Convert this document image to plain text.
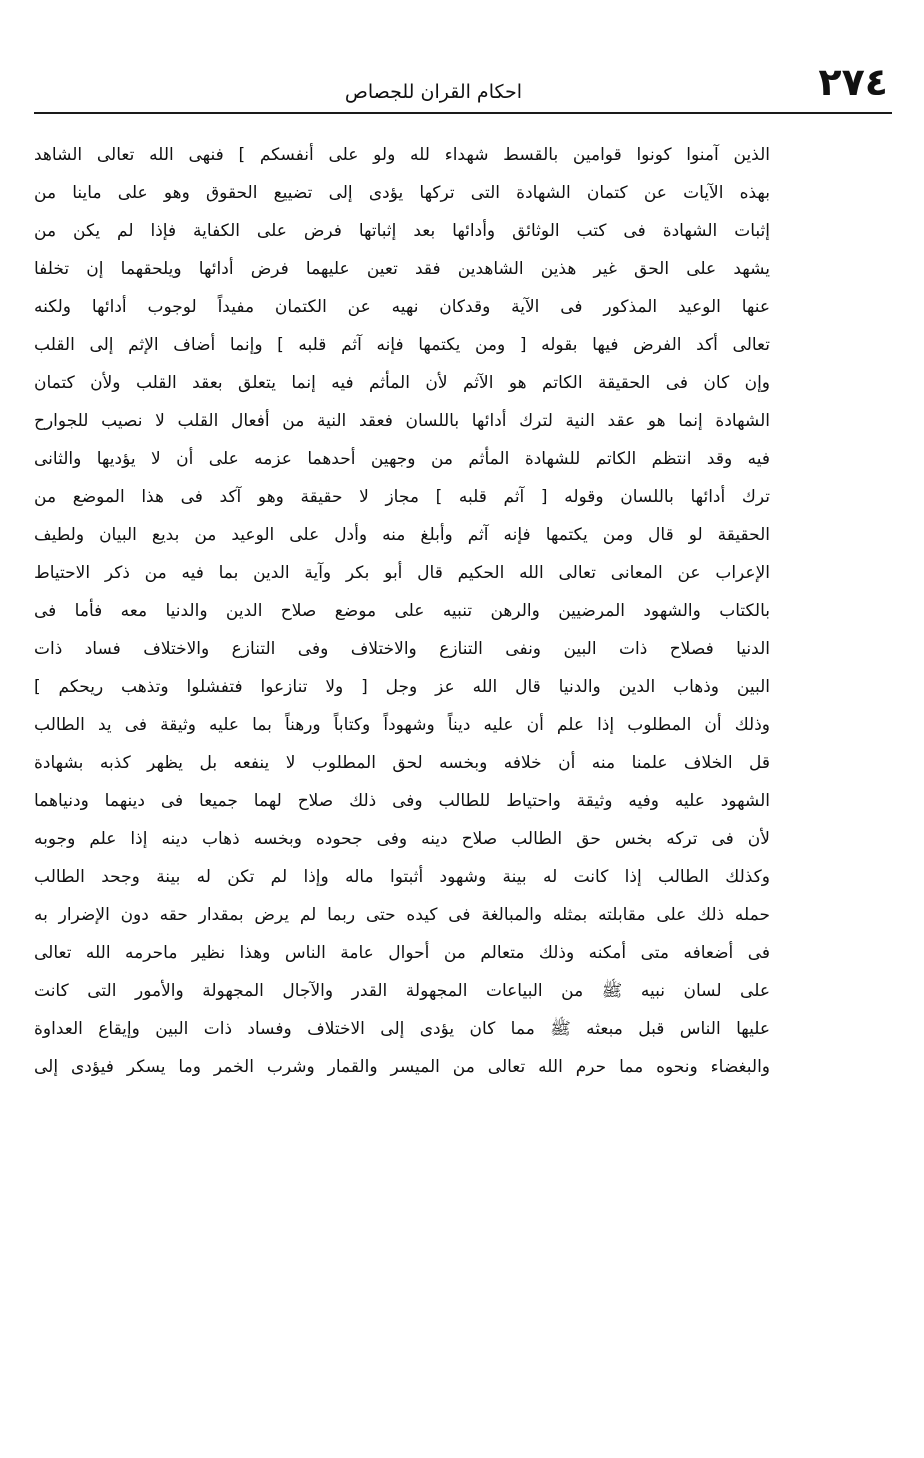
٢٧٤
احكام القران للجصاص
الذين آمنوا كونوا قوامين بالقسط شهداء لله ولو على أنفسكم ] فنهى الله تعالى الشاهد
بهذه الآيات عن كتمان الشهادة التى تركها يؤدى إلى تضييع الحقوق وهو على ماينا من
إثبات الشهادة فى كتب الوثائق وأدائها بعد إثباتها فرض على الكفاية فإذا لم يكن من
يشهد على الحق غير هذين الشاهدين فقد تعين عليهما فرض أدائها ويلحقهما إن تخلفا
عنها الوعيد المذكور فى الآية وقدكان نهيه عن الكتمان مفيداً لوجوب أدائها ولكنه
تعالى أكد الفرض فيها بقوله [ ومن يكتمها فإنه آثم قلبه ] وإنما أضاف الإثم إلى القلب
وإن كان فى الحقيقة الكاتم هو الآثم لأن المأثم فيه إنما يتعلق بعقد القلب ولأن كتمان
الشهادة إنما هو عقد النية لترك أدائها باللسان فعقد النية من أفعال القلب لا نصيب للجوارح
فيه وقد انتظم الكاتم للشهادة المأثم من وجهين أحدهما عزمه على أن لا يؤديها والثانى
ترك أدائها باللسان وقوله [ آثم قلبه ] مجاز لا حقيقة وهو آكد فى هذا الموضع من
الحقيقة لو قال ومن يكتمها فإنه آثم وأبلغ منه وأدل على الوعيد من بديع البيان ولطيف
الإعراب عن المعانى تعالى الله الحكيم قال أبو بكر وآية الدين بما فيه من ذكر الاحتياط
بالكتاب والشهود المرضيين والرهن تنبيه على موضع صلاح الدين والدنيا معه فأما فى
الدنيا فصلاح ذات البين ونفى التنازع والاختلاف وفى التنازع والاختلاف فساد ذات
البين وذهاب الدين والدنيا قال الله عز وجل [ ولا تنازعوا فتفشلوا وتذهب ريحكم ]
وذلك أن المطلوب إذا علم أن عليه ديناً وشهوداً وكتاباً ورهناً بما عليه وثيقة فى يد الطالب
قل الخلاف علمنا منه أن خلافه وبخسه لحق المطلوب لا ينفعه بل يظهر كذبه بشهادة
الشهود عليه وفيه وثيقة واحتياط للطالب وفى ذلك صلاح لهما جميعا فى دينهما ودنياهما
لأن فى تركه بخس حق الطالب صلاح دينه وفى جحوده وبخسه ذهاب دينه إذا علم وجوبه
وكذلك الطالب إذا كانت له بينة وشهود أثبتوا ماله وإذا لم تكن له بينة وجحد الطالب
حمله ذلك على مقابلته بمثله والمبالغة فى كيده حتى ربما لم يرض بمقدار حقه دون الإضرار به
فى أضعافه متى أمكنه وذلك متعالم من أحوال عامة الناس وهذا نظير ماحرمه الله تعالى
على لسان نبيه ﷺ من البياعات المجهولة القدر والآجال المجهولة والأمور التى كانت
عليها الناس قبل مبعثه ﷺ مما كان يؤدى إلى الاختلاف وفساد ذات البين وإيقاع العداوة
والبغضاء ونحوه مما حرم الله تعالى من الميسر والقمار وشرب الخمر وما يسكر فيؤدى إلى
